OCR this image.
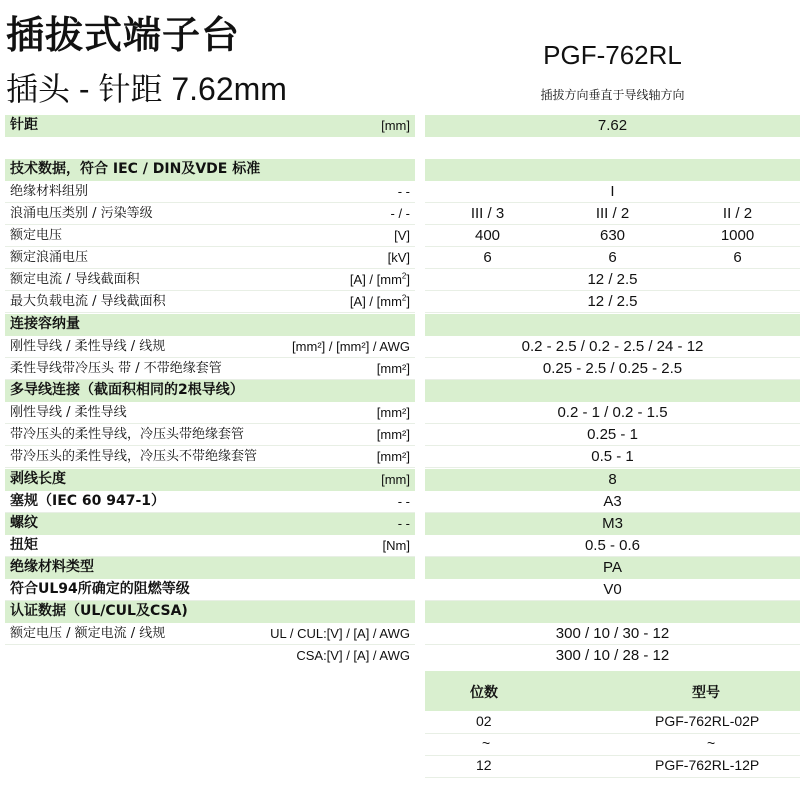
插拔式端子台
插头 - 针距 7.62mm
PGF-762RL
插拔方向垂直于导线轴方向
针距	[mm]	7.62
技术数据，符合 IEC / DIN及VDE 标准
绝缘材料组别	- -	I
浪涌电压类别 / 污染等级	- / -	III / 3	III / 2	II / 2
额定电压	[V]	400	630	1000
额定浪涌电压	[kV]	6	6	6
额定电流 / 导线截面积	$[A] / [mm^2]$	12 / 2.5
最大负载电流 / 导线截面积	$[A] / [mm^2]$	12 / 2.5
连接容纳量
刚性导线 / 柔性导线 / 线规	[mm²] / [mm²] / AWG	0.2 - 2.5 / 0.2 - 2.5 / 24 - 12
柔性导线带冷压头 带 / 不带绝缘套管	[mm²]	0.25 - 2.5 / 0.25 - 2.5
多导线连接（截面积相同的2根导线）
刚性导线 / 柔性导线	[mm²]	0.2 - 1 / 0.2 - 1.5
带冷压头的柔性导线，冷压头带绝缘套管	[mm²]	0.25 - 1
带冷压头的柔性导线，冷压头不带绝缘套管	[mm²]	0.5 - 1
剥线长度	[mm]	8
塞规（IEC 60 947-1）	- -	A3
螺纹	- -	M3
扭矩	[Nm]	0.5 - 0.6
绝缘材料类型	PA
符合UL94所确定的阻燃等级	V0
认证数据（UL/CUL及CSA)
额定电压 / 额定电流 / 线规	UL / CUL:[V] / [A] / AWG	300 / 10 / 30 - 12
CSA:[V] / [A] / AWG	300 / 10 / 28 - 12
位数	型号
02	PGF-762RL-02P
~	~
12	PGF-762RL-12P
